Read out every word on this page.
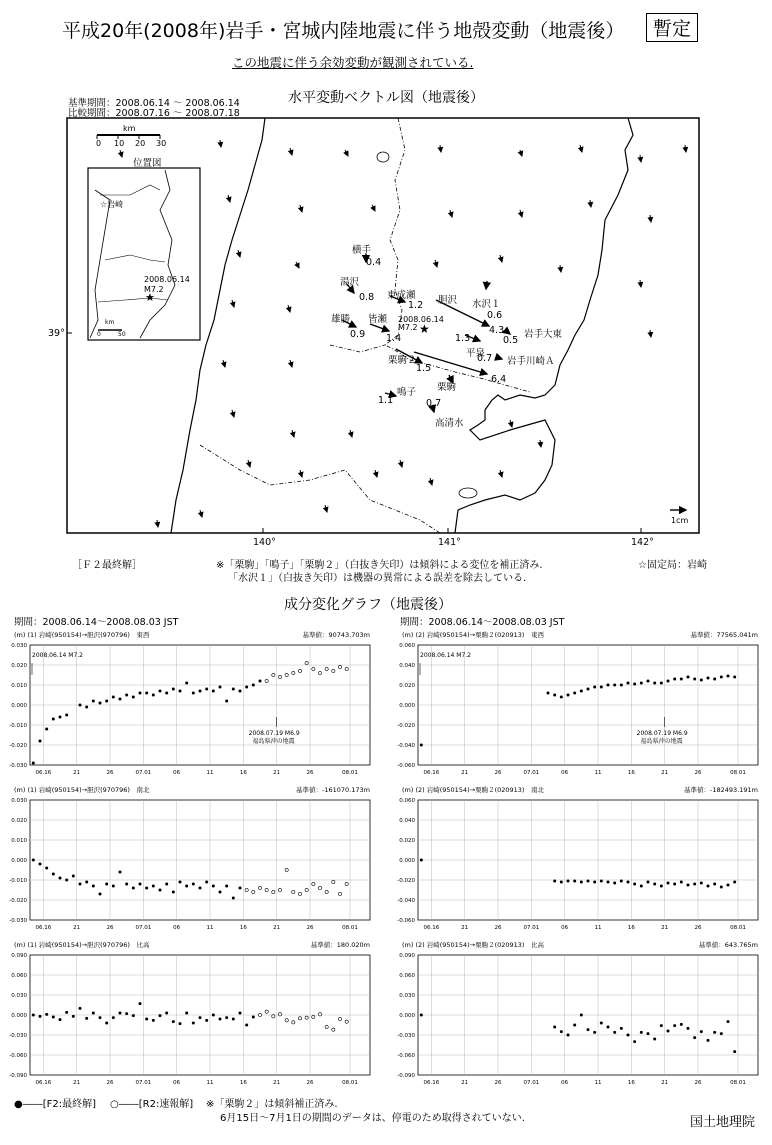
平成20年(2008年)岩手・宮城内陸地震に伴う地殻変動（地震後）	暫定
この地震に伴う余効変動が観測されている.
水平変動ベクトル図（地震後）
基準期間：2008.06.14 ～ 2008.06.14
比較期間：2008.07.16 ～ 2008.07.18
km
★
★
0 10 20 30
位置図
☆岩崎
2008.06.14
M7.2
km
0	50
39°
140°	141°	142°
1cm
2008.06.14
M7.2
横手
0.4
湯沢
0.8 東成瀬
1.2 胆沢 水沢１
0.6
4.3
雄勝
0.9
皆瀬
1.4
平泉
1.3	岩手大東
0.5
岩手川崎Ａ
0.7
栗駒２
1.5
6.4
栗駒
鳴子
1.1	0.7
高清水
［Ｆ２最終解］	※「栗駒」「鳴子」「栗駒２」（白抜き矢印）は傾斜による変位を補正済み.
「水沢１」（白抜き矢印）は機器の異常による誤差を除去している.
☆固定局：岩崎
成分変化グラフ（地震後）
期間：2008.06.14～2008.08.03 JST	期間：2008.06.14～2008.08.03 JST
(m) (1) 岩崎(950154)→胆沢(970796)　東西	基準値：90743.703m
0.030
0.020
0.010
0.000
-0.010
-0.020
-0.030
06.16	21	26	07.01	06	11	16	21	26	08.01
2008.06.14 M7.2
2008.07.19 M6.9
福島県沖の地震
(m) (2) 岩崎(950154)→栗駒２(020913)　東西	基準値：77565.041m
0.060
0.040
0.020
0.000
-0.020
-0.040
-0.060
06.16	21	26	07.01	06	11	16	21	26	08.01
2008.06.14 M7.2
2008.07.19 M6.9
福島県沖の地震
(m) (1) 岩崎(950154)→胆沢(970796)　南北	基準値：-161070.173m
0.030
0.020
0.010
0.000
-0.010
-0.020
-0.030
06.16	21	26	07.01	06	11	16	21	26	08.01
(m) (2) 岩崎(950154)→栗駒２(020913)　南北	基準値：-182493.191m
0.060
0.040
0.020
0.000
-0.020
-0.040
-0.060
06.16	21	26	07.01	06	11	16	21	26	08.01
(m) (1) 岩崎(950154)→胆沢(970796)　比高	基準値：180.020m
0.090
0.060
0.030
0.000
-0.030
-0.060
-0.090
06.16	21	26	07.01	06	11	16	21	26	08.01
(m) (2) 岩崎(950154)→栗駒２(020913)　比高	基準値：643.765m
0.090
0.060
0.030
0.000
-0.030
-0.060
-0.090
06.16	21	26	07.01	06	11	16	21	26	08.01
●――[F2:最終解] ○――[R2:速報解] ※「栗駒２」は傾斜補正済み.
6月15日～7月1日の期間のデータは、停電のため取得されていない.	国土地理院
